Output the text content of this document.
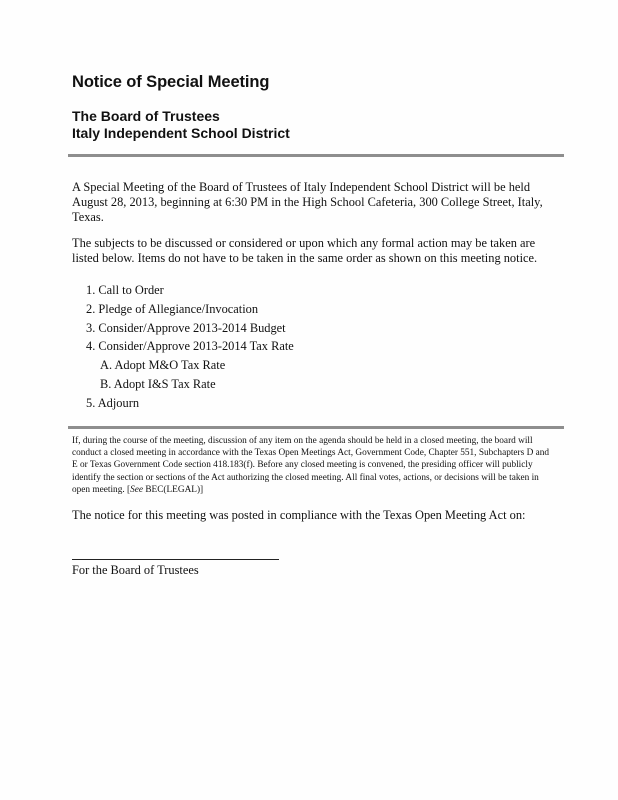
Notice of Special Meeting
The Board of Trustees
Italy Independent School District
A Special Meeting of the Board of Trustees of Italy Independent School District will be held August 28, 2013, beginning at 6:30 PM in the High School Cafeteria, 300 College Street, Italy, Texas.
The subjects to be discussed or considered or upon which any formal action may be taken are listed below. Items do not have to be taken in the same order as shown on this meeting notice.
1. Call to Order
2. Pledge of Allegiance/Invocation
3. Consider/Approve 2013-2014 Budget
4. Consider/Approve 2013-2014 Tax Rate
A. Adopt M&O Tax Rate
B. Adopt I&S Tax Rate
5. Adjourn
If, during the course of the meeting, discussion of any item on the agenda should be held in a closed meeting, the board will conduct a closed meeting in accordance with the Texas Open Meetings Act, Government Code, Chapter 551, Subchapters D and E or Texas Government Code section 418.183(f). Before any closed meeting is convened, the presiding officer will publicly identify the section or sections of the Act authorizing the closed meeting. All final votes, actions, or decisions will be taken in open meeting. [See BEC(LEGAL)]
The notice for this meeting was posted in compliance with the Texas Open Meeting Act on:
For the Board of Trustees
